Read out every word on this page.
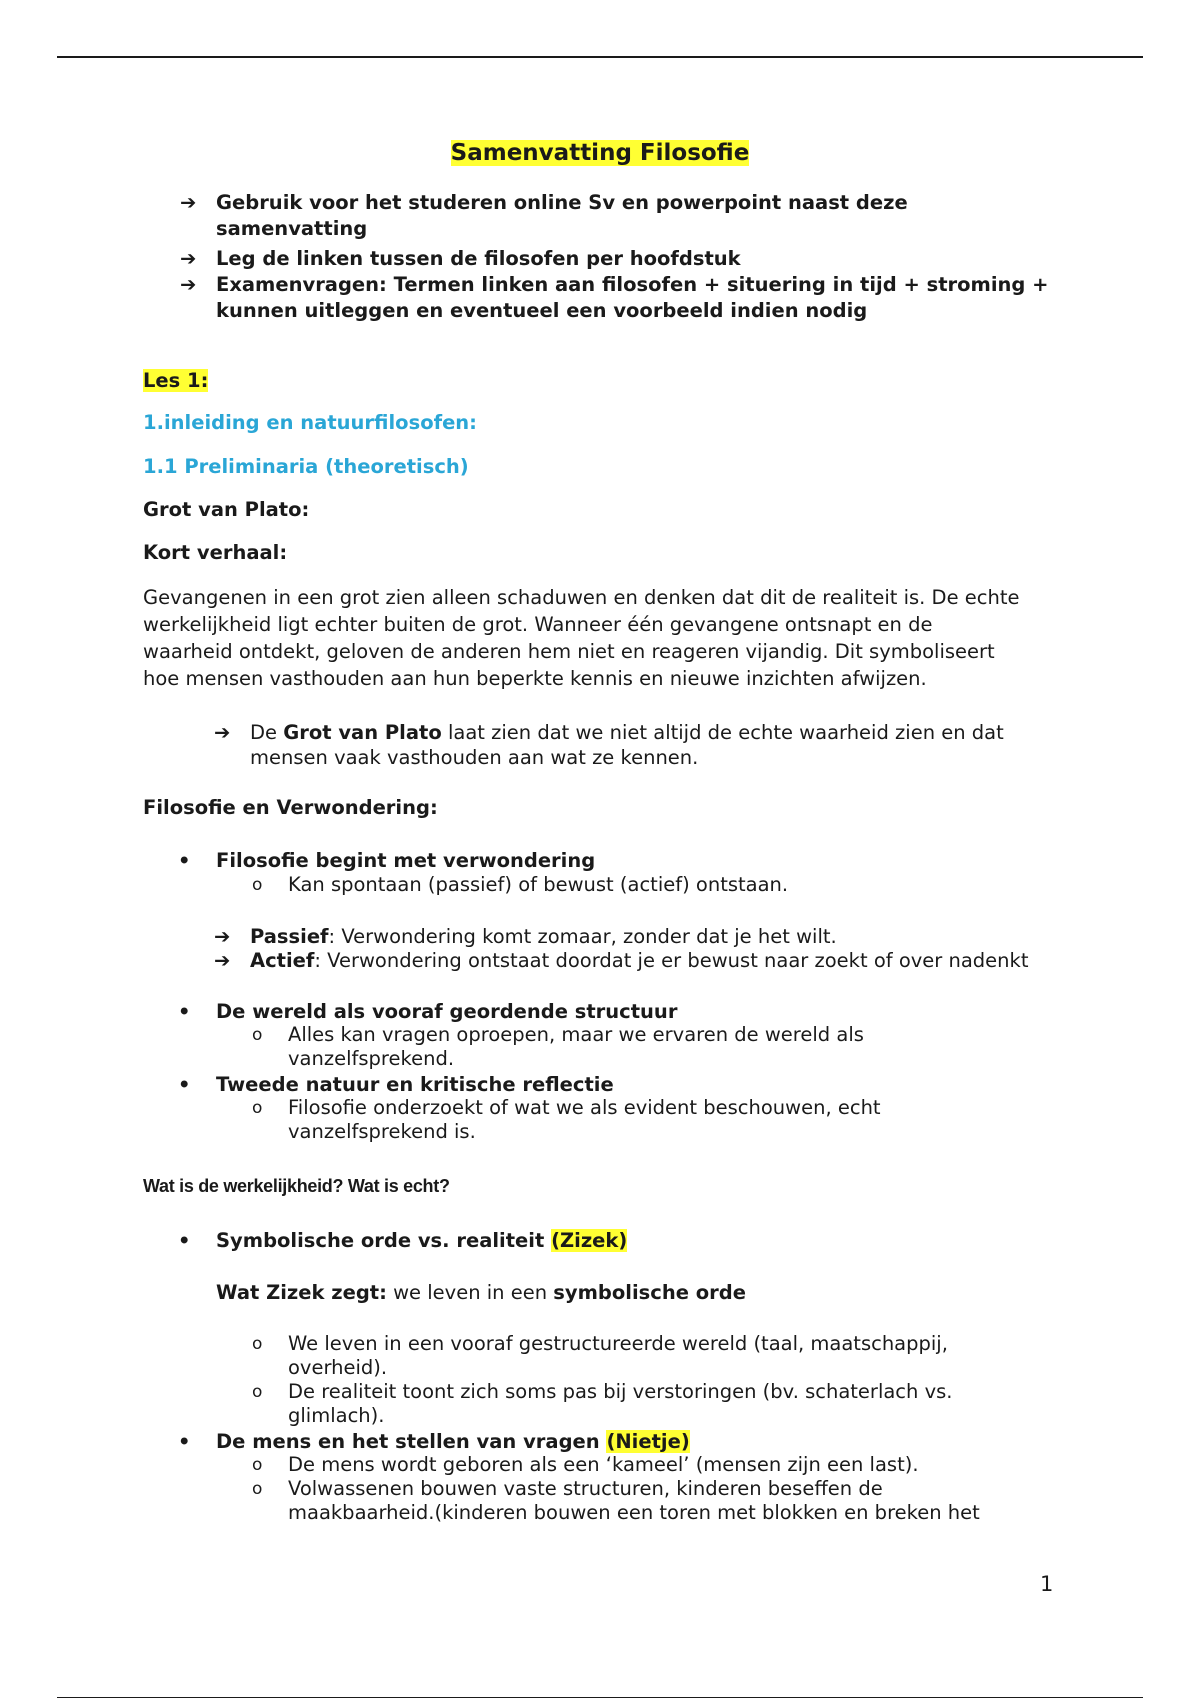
Samenvatting Filosofie
➔ Gebruik voor het studeren online Sv en powerpoint naast deze samenvatting
➔ Leg de linken tussen de filosofen per hoofdstuk
➔ Examenvragen: Termen linken aan filosofen + situering in tijd + stroming + kunnen uitleggen en eventueel een voorbeeld indien nodig
Les 1:
1.inleiding en natuurfilosofen:
1.1 Preliminaria (theoretisch)
Grot van Plato:
Kort verhaal:
Gevangenen in een grot zien alleen schaduwen en denken dat dit de realiteit is. De echte
werkelijkheid ligt echter buiten de grot. Wanneer één gevangene ontsnapt en de
waarheid ontdekt, geloven de anderen hem niet en reageren vijandig. Dit symboliseert
hoe mensen vasthouden aan hun beperkte kennis en nieuwe inzichten afwijzen.
➔ De Grot van Plato laat zien dat we niet altijd de echte waarheid zien en dat mensen vaak vasthouden aan wat ze kennen.
Filosofie en Verwondering:
• Filosofie begint met verwondering
o Kan spontaan (passief) of bewust (actief) ontstaan.
➔ Passief: Verwondering komt zomaar, zonder dat je het wilt.
➔ Actief: Verwondering ontstaat doordat je er bewust naar zoekt of over nadenkt
• De wereld als vooraf geordende structuur
o Alles kan vragen oproepen, maar we ervaren de wereld als vanzelfsprekend.
• Tweede natuur en kritische reflectie
o Filosofie onderzoekt of wat we als evident beschouwen, echt vanzelfsprekend is.
Wat is de werkelijkheid? Wat is echt?
• Symbolische orde vs. realiteit (Zizek)
Wat Zizek zegt: we leven in een symbolische orde
o We leven in een vooraf gestructureerde wereld (taal, maatschappij, overheid).
o De realiteit toont zich soms pas bij verstoringen (bv. schaterlach vs. glimlach).
• De mens en het stellen van vragen (Nietje)
o De mens wordt geboren als een ‘kameel’ (mensen zijn een last).
o Volwassenen bouwen vaste structuren, kinderen beseffen de maakbaarheid.(kinderen bouwen een toren met blokken en breken het
1
